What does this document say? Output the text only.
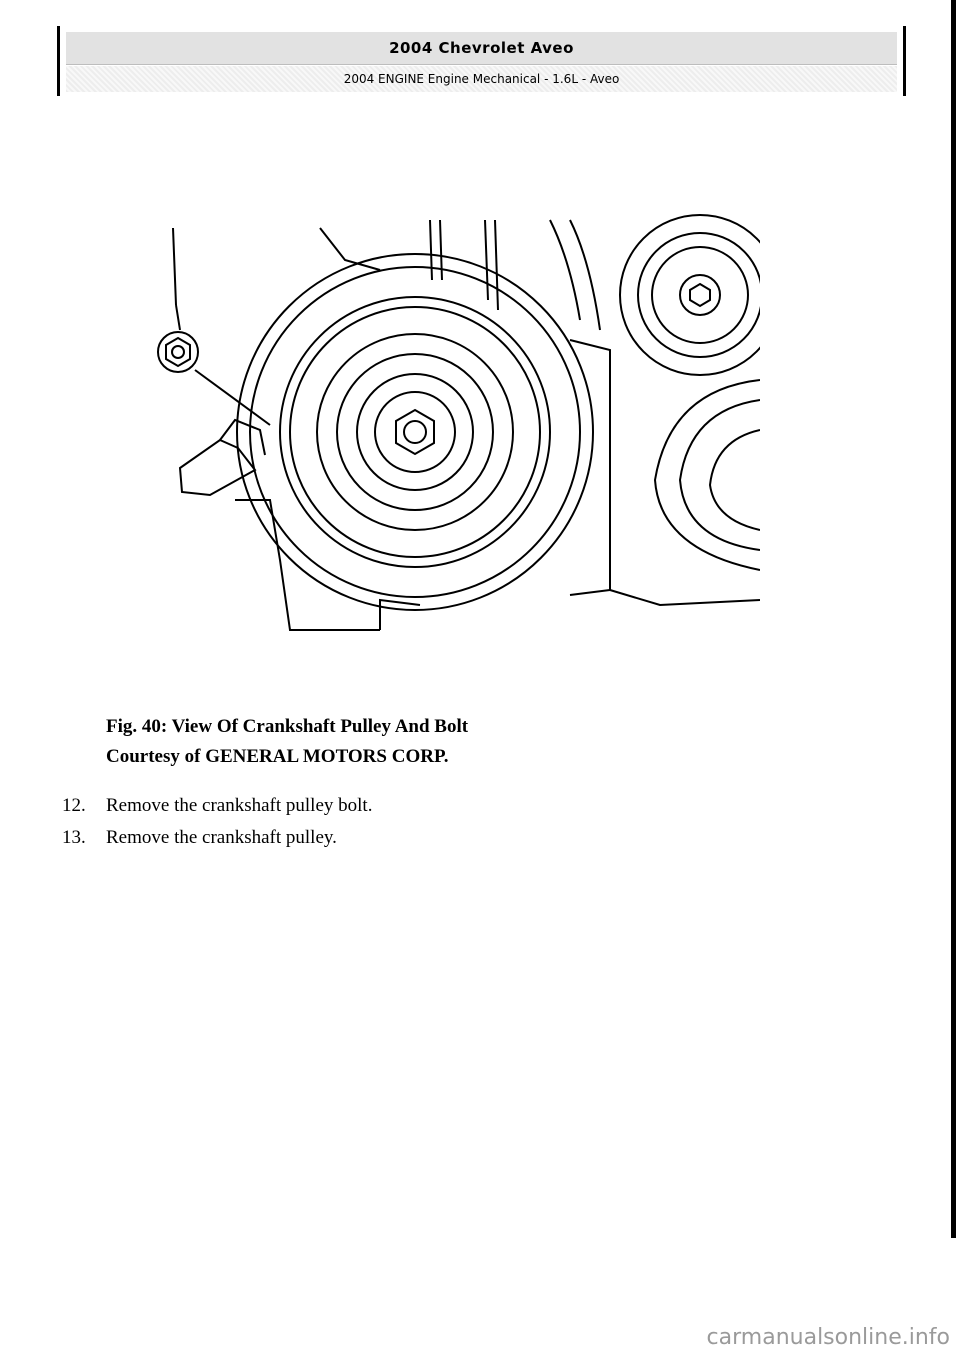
2004 Chevrolet Aveo
2004 ENGINE Engine Mechanical - 1.6L - Aveo
Fig. 40: View Of Crankshaft Pulley And Bolt
Courtesy of GENERAL MOTORS CORP.
12.	Remove the crankshaft pulley bolt.
13.	Remove the crankshaft pulley.
carmanualsonline.info
